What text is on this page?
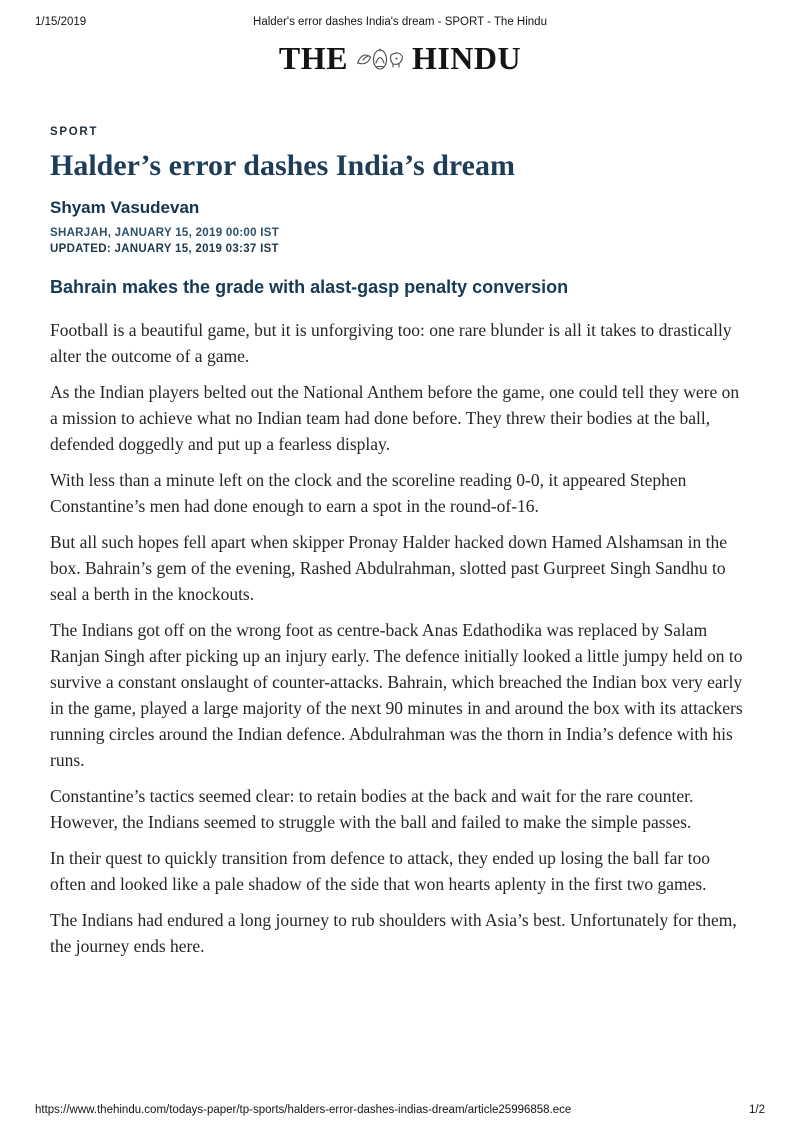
1/15/2019	Halder's error dashes India's dream - SPORT - The Hindu
THE HINDU
SPORT
Halder’s error dashes India’s dream
Shyam Vasudevan
SHARJAH, JANUARY 15, 2019 00:00 IST
UPDATED: JANUARY 15, 2019 03:37 IST
Bahrain makes the grade with alast-gasp penalty conversion

Football is a beautiful game, but it is unforgiving too: one rare blunder is all it takes to drastically alter the outcome of a game.

As the Indian players belted out the National Anthem before the game, one could tell they were on a mission to achieve what no Indian team had done before. They threw their bodies at the ball, defended doggedly and put up a fearless display.

With less than a minute left on the clock and the scoreline reading 0-0, it appeared Stephen Constantine’s men had done enough to earn a spot in the round-of-16.

But all such hopes fell apart when skipper Pronay Halder hacked down Hamed Alshamsan in the box. Bahrain’s gem of the evening, Rashed Abdulrahman, slotted past Gurpreet Singh Sandhu to seal a berth in the knockouts.

The Indians got off on the wrong foot as centre-back Anas Edathodika was replaced by Salam Ranjan Singh after picking up an injury early. The defence initially looked a little jumpy held on to survive a constant onslaught of counter-attacks. Bahrain, which breached the Indian box very early in the game, played a large majority of the next 90 minutes in and around the box with its attackers running circles around the Indian defence. Abdulrahman was the thorn in India’s defence with his runs.

Constantine’s tactics seemed clear: to retain bodies at the back and wait for the rare counter. However, the Indians seemed to struggle with the ball and failed to make the simple passes.

In their quest to quickly transition from defence to attack, they ended up losing the ball far too often and looked like a pale shadow of the side that won hearts aplenty in the first two games.

The Indians had endured a long journey to rub shoulders with Asia’s best. Unfortunately for them, the journey ends here.

https://www.thehindu.com/todays-paper/tp-sports/halders-error-dashes-indias-dream/article25996858.ece	1/2
